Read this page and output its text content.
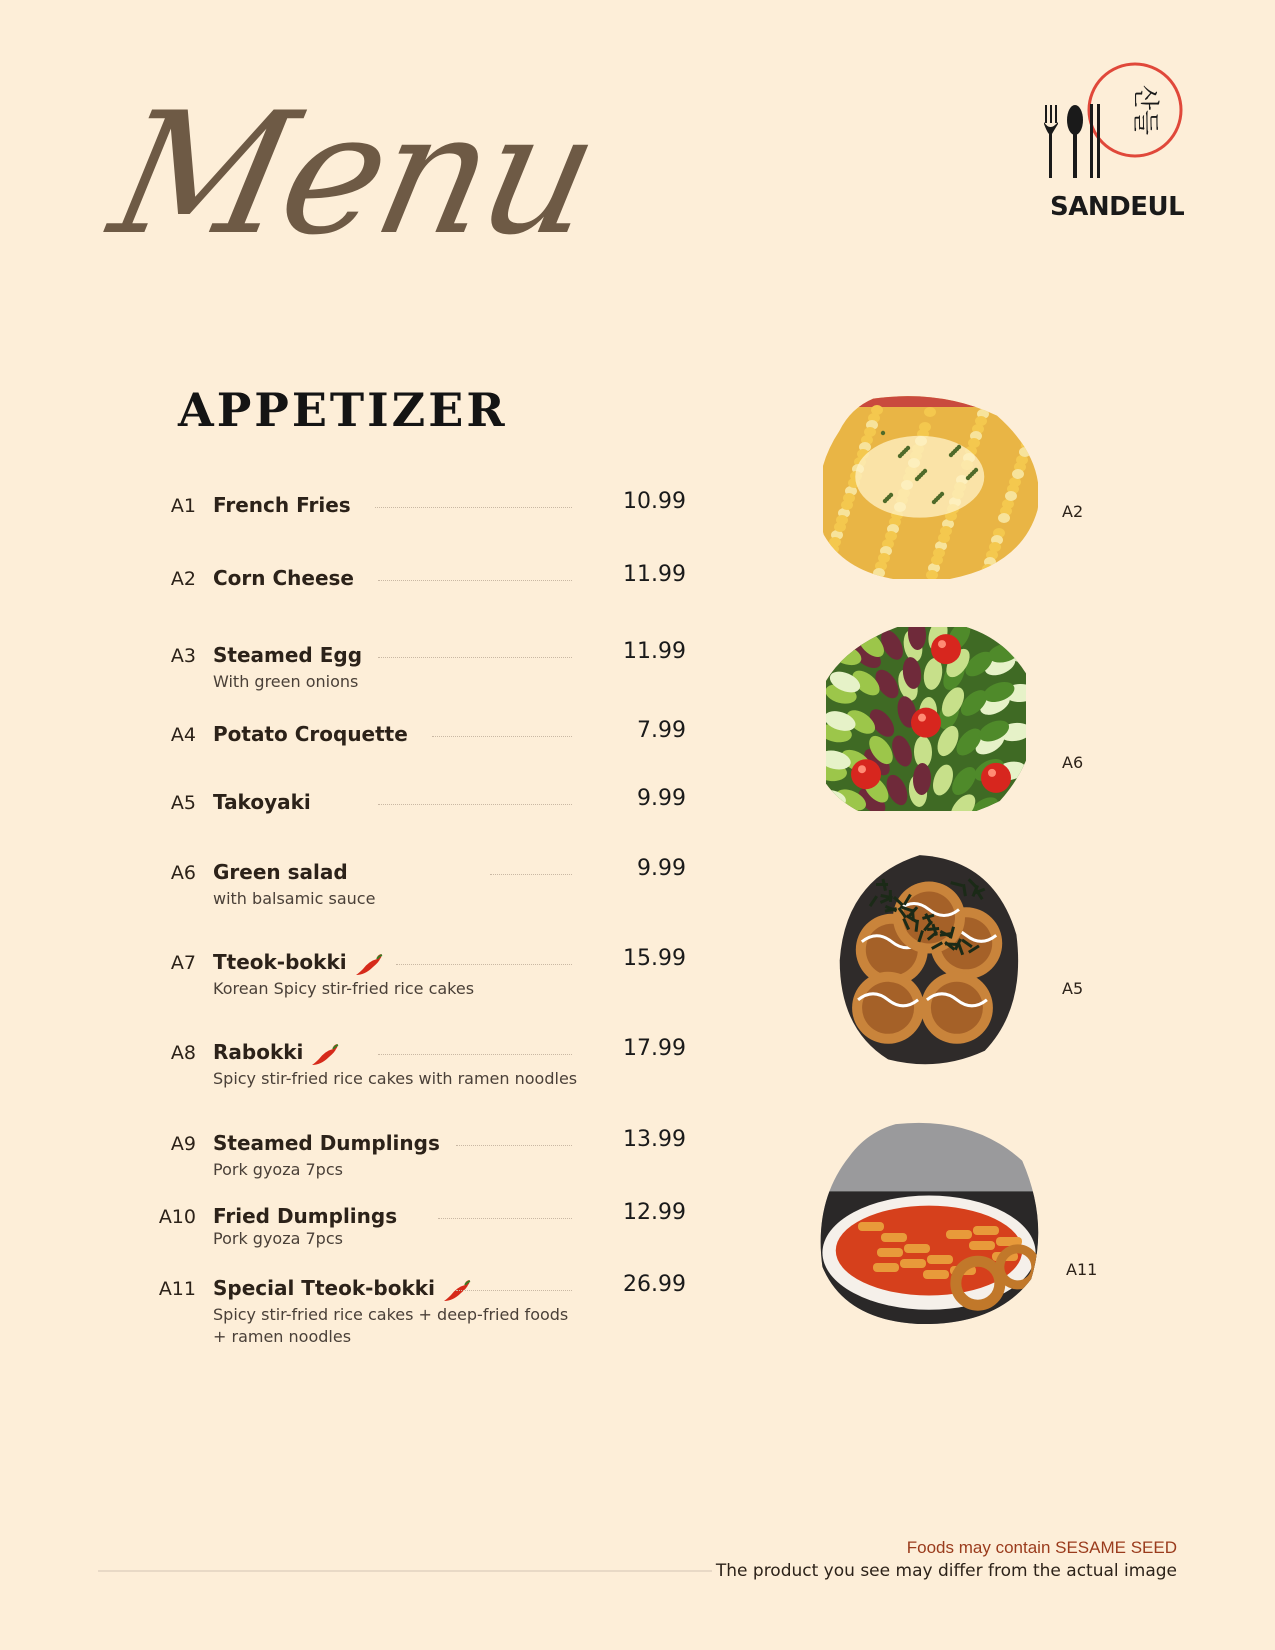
Menu	산들
SANDEUL
APPETIZER
A1 French Fries	10.99
A2 Corn Cheese	11.99
A3 Steamed Egg	11.99
With green onions
A4 Potato Croquette	7.99
A5 Takoyaki	9.99
A6 Green salad	9.99
with balsamic sauce
A7 Tteok-bokki	15.99
Korean Spicy stir-fried rice cakes
A8 Rabokki	17.99
Spicy stir-fried rice cakes with ramen noodles
A9 Steamed Dumplings	13.99
Pork gyoza 7pcs
A10 Fried Dumplings	12.99
Pork gyoza 7pcs
A11 Special Tteok-bokki	26.99
Spicy stir-fried rice cakes + deep-fried foods
+ ramen noodles
A2
A6
A5
A11
Foods may contain SESAME SEED
The product you see may differ from the actual image
